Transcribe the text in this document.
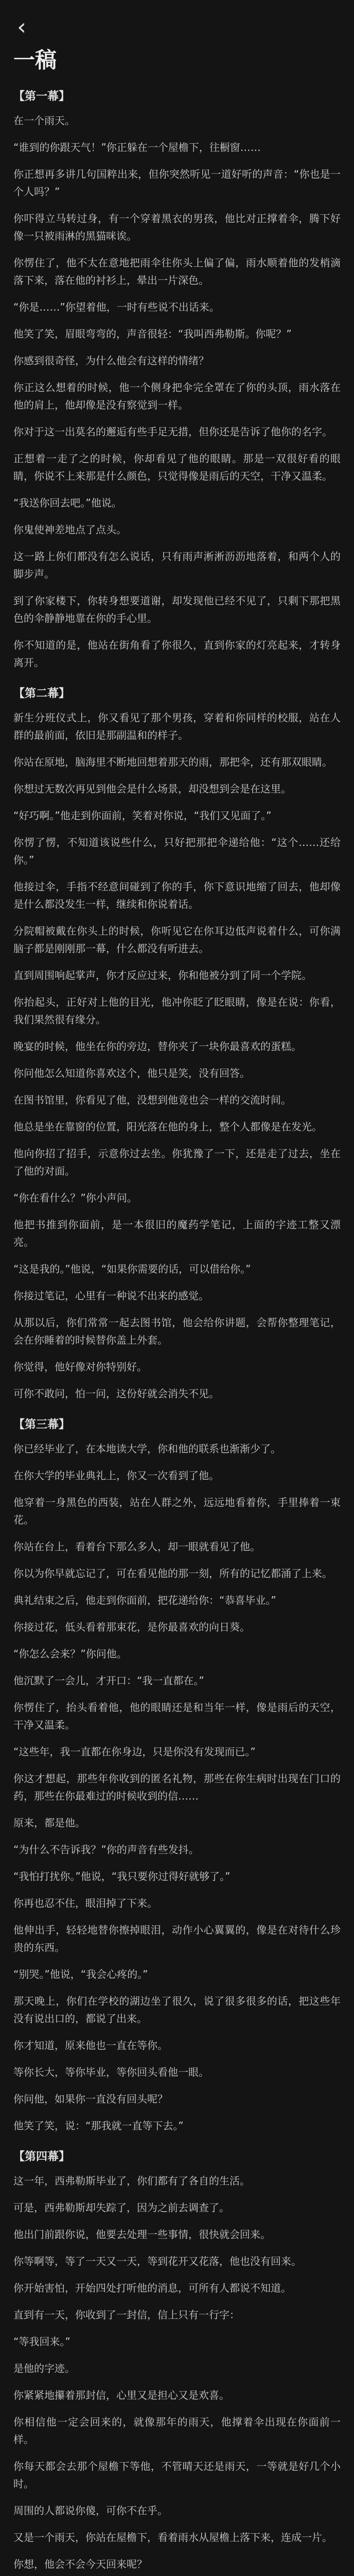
‹
一稿
【第一幕】

在一个雨天。

“谁到的你跟天气！”你正躲在一个屋檐下，往橱窗……

你正想再多讲几句国粹出来，但你突然听见一道好听的声音：“你也是一个人吗？”

你吓得立马转过身，有一个穿着黑衣的男孩，他比对正撑着伞，腾下好像一只被雨淋的黑猫咪诶。

你愣住了，他不太在意地把雨伞往你头上偏了偏，雨水顺着他的发梢滴落下来，落在他的衬衫上，晕出一片深色。

“你是……”你望着他，一时有些说不出话来。

他笑了笑，眉眼弯弯的，声音很轻：“我叫西弗勒斯。你呢？”

你感到很奇怪，为什么他会有这样的情绪？

你正这么想着的时候，他一个侧身把伞完全罩在了你的头顶，雨水落在他的肩上，他却像是没有察觉到一样。

你对于这一出莫名的邂逅有些手足无措，但你还是告诉了他你的名字。

正想着一走了之的时候，你却看见了他的眼睛。那是一双很好看的眼睛，你说不上来那是什么颜色，只觉得像是雨后的天空，干净又温柔。

“我送你回去吧。”他说。

你鬼使神差地点了点头。

这一路上你们都没有怎么说话，只有雨声淅淅沥沥地落着，和两个人的脚步声。

到了你家楼下，你转身想要道谢，却发现他已经不见了，只剩下那把黑色的伞静静地靠在你的手心里。

你不知道的是，他站在街角看了你很久，直到你家的灯亮起来，才转身离开。

【第二幕】

新生分班仪式上，你又看见了那个男孩，穿着和你同样的校服，站在人群的最前面，依旧是那副温和的样子。

你站在原地，脑海里不断地回想着那天的雨，那把伞，还有那双眼睛。

你想过无数次再见到他会是什么场景，却没想到会是在这里。

“好巧啊。”他走到你面前，笑着对你说，“我们又见面了。”

你愣了愣，不知道该说些什么，只好把那把伞递给他：“这个……还给你。”

他接过伞，手指不经意间碰到了你的手，你下意识地缩了回去，他却像是什么都没发生一样，继续和你说着话。

分院帽被戴在你头上的时候，你听见它在你耳边低声说着什么，可你满脑子都是刚刚那一幕，什么都没有听进去。

直到周围响起掌声，你才反应过来，你和他被分到了同一个学院。

你抬起头，正好对上他的目光，他冲你眨了眨眼睛，像是在说：你看，我们果然很有缘分。

晚宴的时候，他坐在你的旁边，替你夹了一块你最喜欢的蛋糕。

你问他怎么知道你喜欢这个，他只是笑，没有回答。

在图书馆里，你看见了他，没想到他竟也会一样的交流时间。

他总是坐在靠窗的位置，阳光落在他的身上，整个人都像是在发光。

他向你招了招手，示意你过去坐。你犹豫了一下，还是走了过去，坐在了他的对面。

“你在看什么？”你小声问。

他把书推到你面前，是一本很旧的魔药学笔记，上面的字迹工整又漂亮。

“这是我的。”他说，“如果你需要的话，可以借给你。”

你接过笔记，心里有一种说不出来的感觉。

从那以后，你们常常一起去图书馆，他会给你讲题，会帮你整理笔记，会在你睡着的时候替你盖上外套。

你觉得，他好像对你特别好。

可你不敢问，怕一问，这份好就会消失不见。

【第三幕】

你已经毕业了，在本地读大学，你和他的联系也渐渐少了。

在你大学的毕业典礼上，你又一次看到了他。

他穿着一身黑色的西装，站在人群之外，远远地看着你，手里捧着一束花。

你站在台上，看着台下那么多人，却一眼就看见了他。

你以为你早就忘记了，可在看见他的那一刻，所有的记忆都涌了上来。

典礼结束之后，他走到你面前，把花递给你：“恭喜毕业。”

你接过花，低头看着那束花，是你最喜欢的向日葵。

“你怎么会来？”你问他。

他沉默了一会儿，才开口：“我一直都在。”

你愣住了，抬头看着他，他的眼睛还是和当年一样，像是雨后的天空，干净又温柔。

“这些年，我一直都在你身边，只是你没有发现而已。”

你这才想起，那些年你收到的匿名礼物，那些在你生病时出现在门口的药，那些在你最难过的时候收到的信……

原来，都是他。

“为什么不告诉我？”你的声音有些发抖。

“我怕打扰你。”他说，“我只要你过得好就够了。”

你再也忍不住，眼泪掉了下来。

他伸出手，轻轻地替你擦掉眼泪，动作小心翼翼的，像是在对待什么珍贵的东西。

“别哭。”他说，“我会心疼的。”

那天晚上，你们在学校的湖边坐了很久，说了很多很多的话，把这些年没有说出口的，都说了出来。

你才知道，原来他也一直在等你。

等你长大，等你毕业，等你回头看他一眼。

你问他，如果你一直没有回头呢？

他笑了笑，说：“那我就一直等下去。”

【第四幕】

这一年，西弗勒斯毕业了，你们都有了各自的生活。

可是，西弗勒斯却失踪了，因为之前去调查了。

他出门前跟你说，他要去处理一些事情，很快就会回来。

你等啊等，等了一天又一天，等到花开又花落，他也没有回来。

你开始害怕，开始四处打听他的消息，可所有人都说不知道。

直到有一天，你收到了一封信，信上只有一行字：

“等我回来。”

是他的字迹。

你紧紧地攥着那封信，心里又是担心又是欢喜。

你相信他一定会回来的，就像那年的雨天，他撑着伞出现在你面前一样。

你每天都会去那个屋檐下等他，不管晴天还是雨天，一等就是好几个小时。

周围的人都说你傻，可你不在乎。

又是一个雨天，你站在屋檐下，看着雨水从屋檐上落下来，连成一片。

你想，他会不会今天回来呢？
